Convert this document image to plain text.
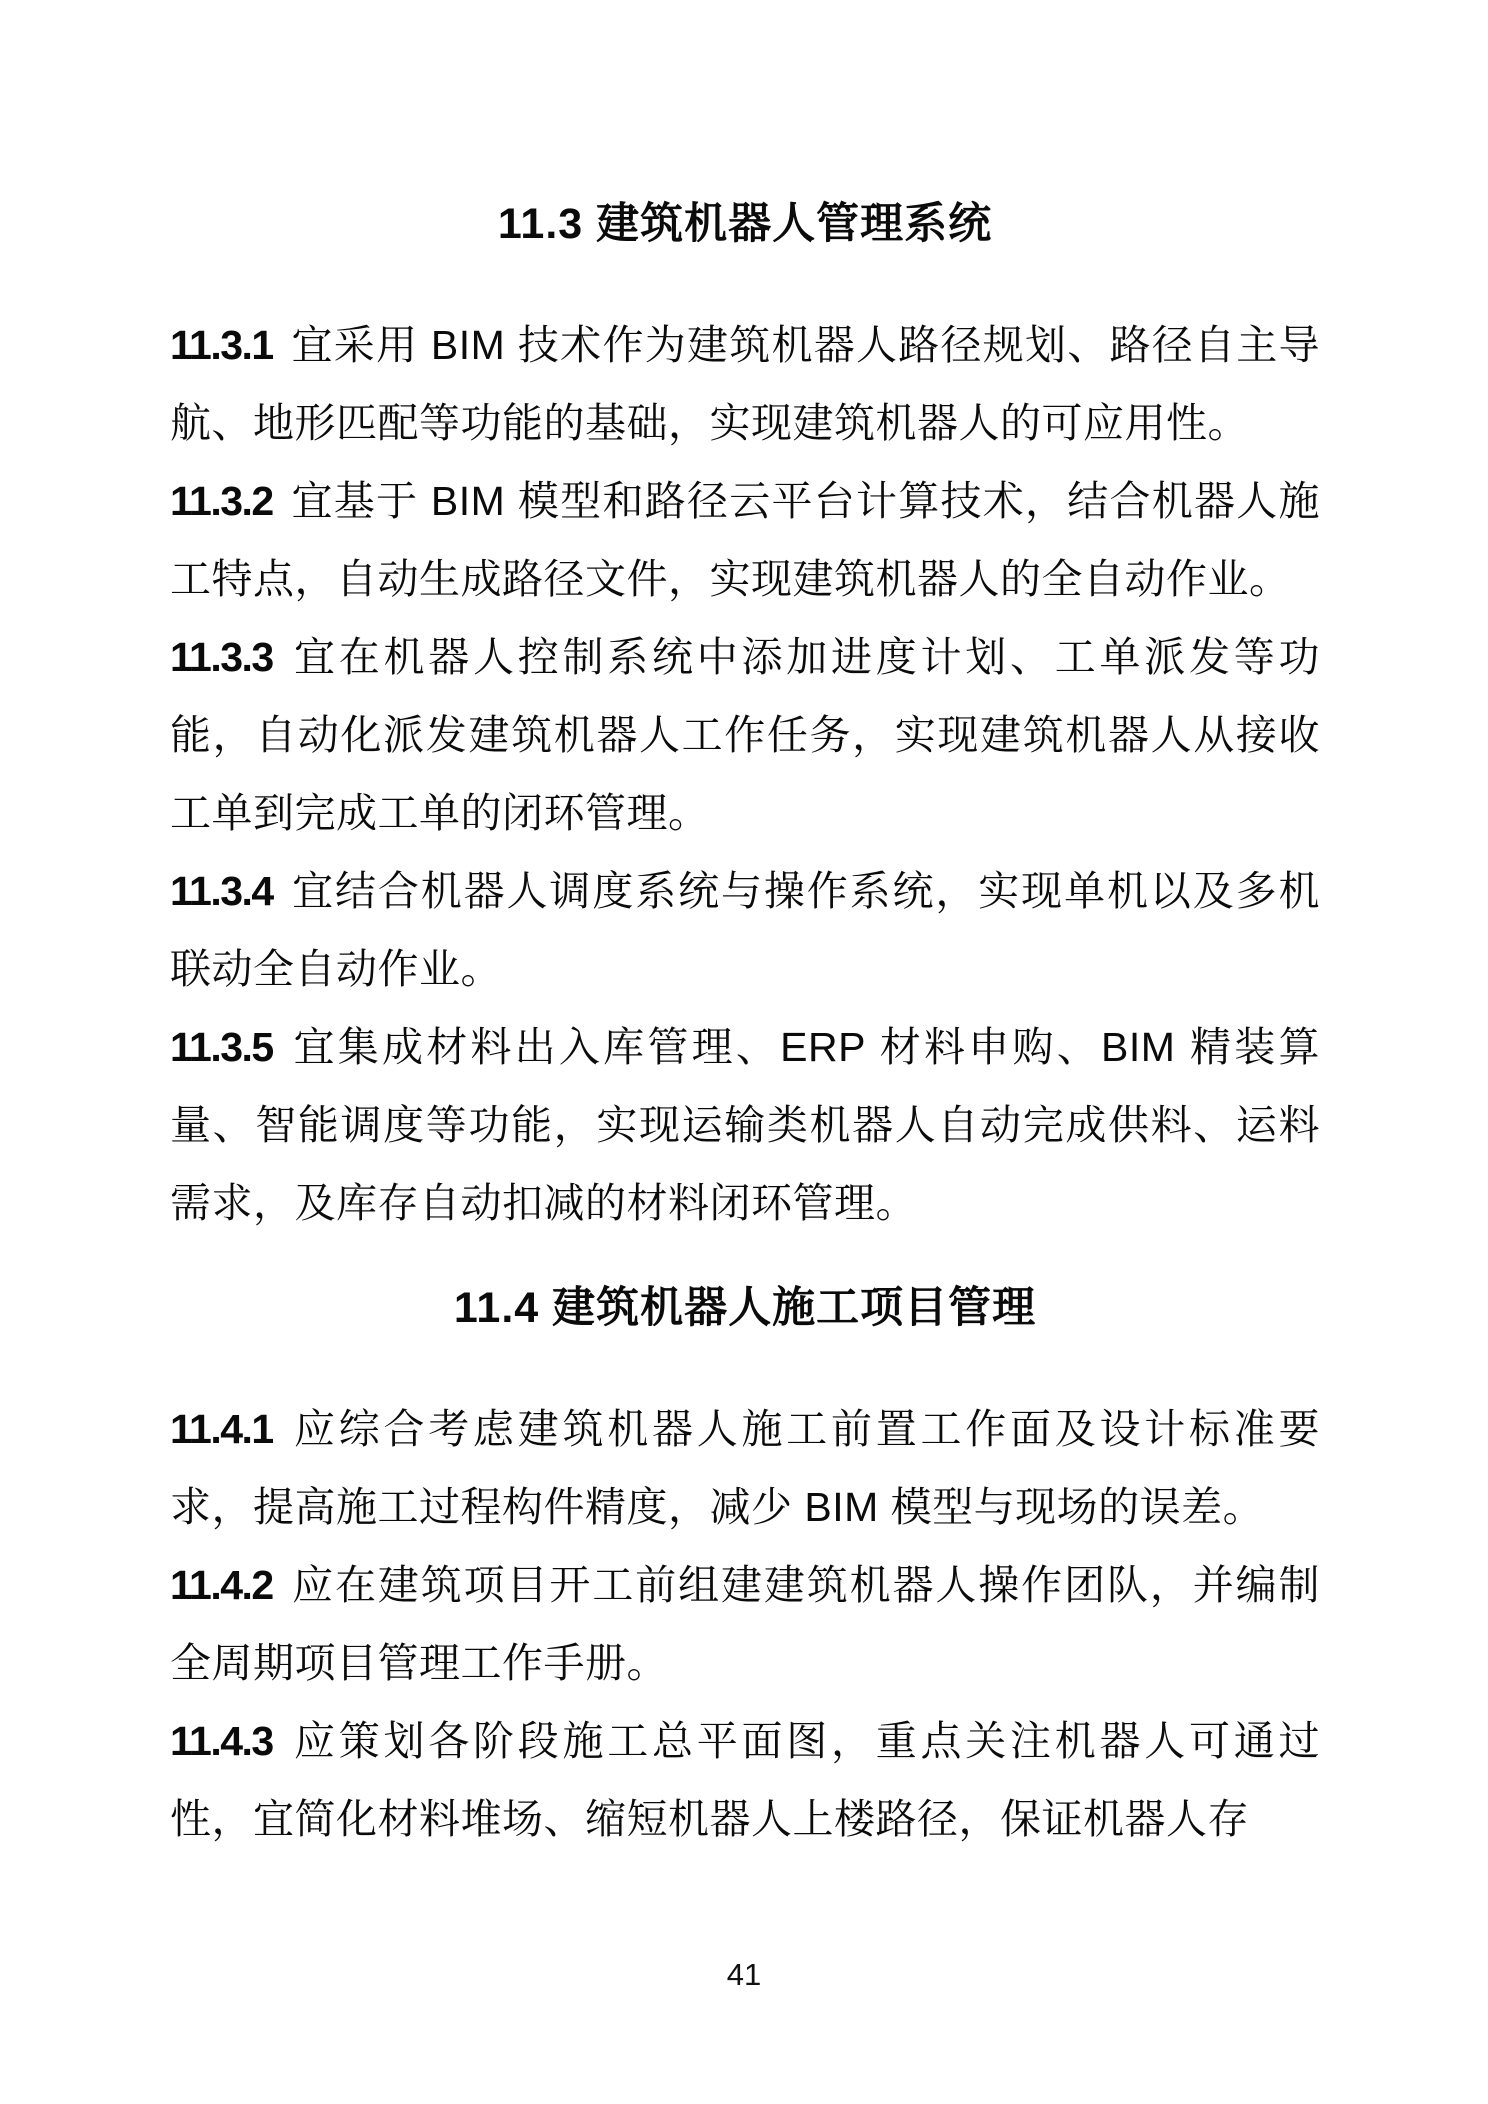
11.3 建筑机器人管理系统

11.3.1 宜采用 BIM 技术作为建筑机器人路径规划、路径自主导航、地形匹配等功能的基础，实现建筑机器人的可应用性。

11.3.2 宜基于 BIM 模型和路径云平台计算技术，结合机器人施工特点，自动生成路径文件，实现建筑机器人的全自动作业。

11.3.3 宜在机器人控制系统中添加进度计划、工单派发等功能，自动化派发建筑机器人工作任务，实现建筑机器人从接收工单到完成工单的闭环管理。

11.3.4 宜结合机器人调度系统与操作系统，实现单机以及多机联动全自动作业。

11.3.5 宜集成材料出入库管理、ERP 材料申购、BIM 精装算量、智能调度等功能，实现运输类机器人自动完成供料、运料需求，及库存自动扣减的材料闭环管理。

11.4 建筑机器人施工项目管理

11.4.1 应综合考虑建筑机器人施工前置工作面及设计标准要求，提高施工过程构件精度，减少 BIM 模型与现场的误差。

11.4.2 应在建筑项目开工前组建建筑机器人操作团队，并编制全周期项目管理工作手册。

11.4.3 应策划各阶段施工总平面图，重点关注机器人可通过性，宜简化材料堆场、缩短机器人上楼路径，保证机器人存

41
